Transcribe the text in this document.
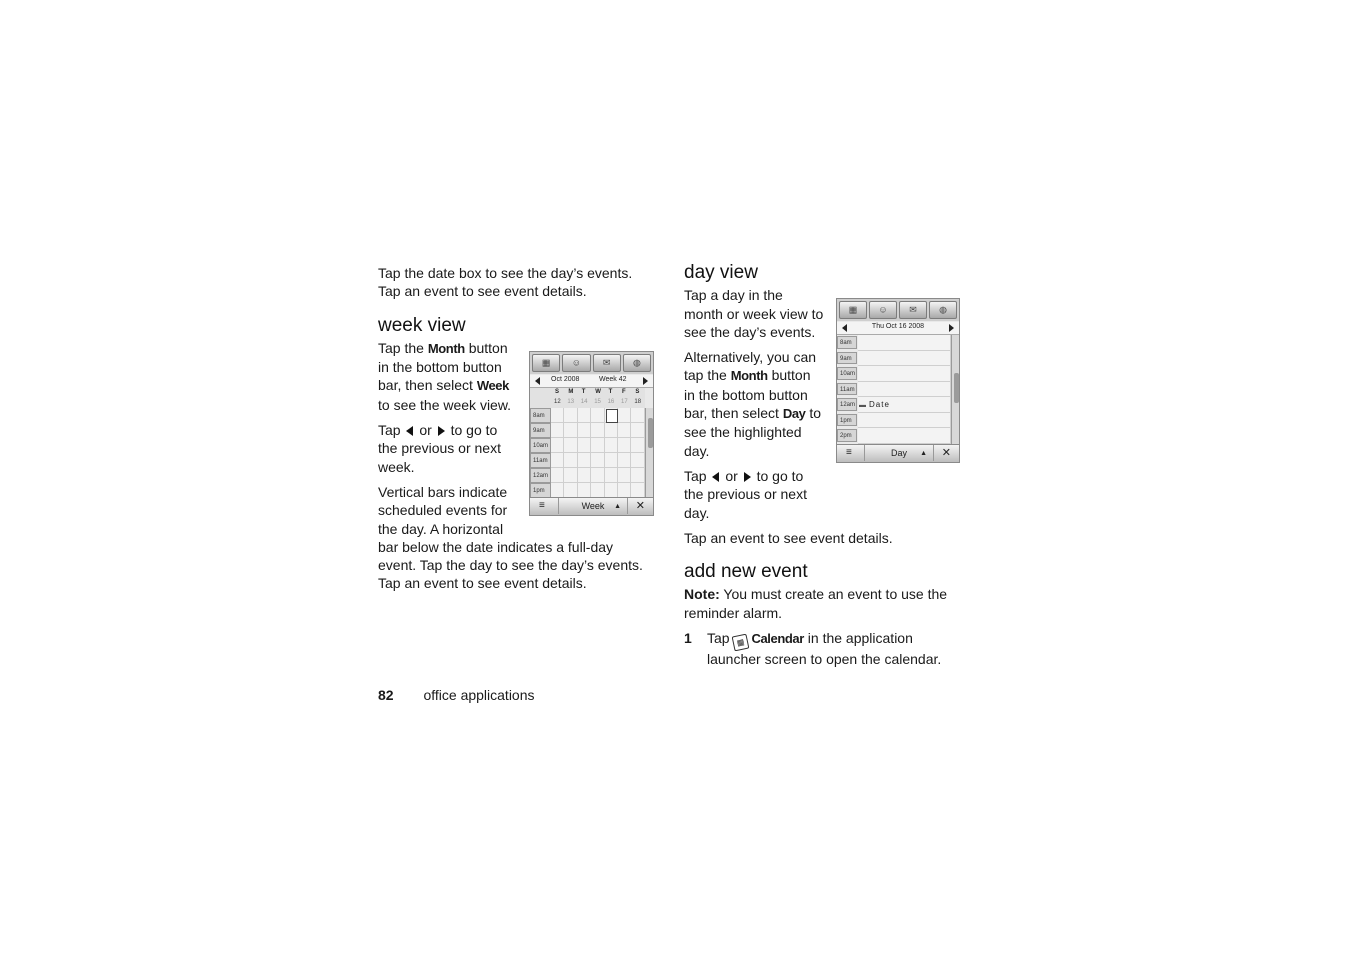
Tap the date box to see the day’s events. Tap an event to see event details.

week view

Tap the Month button in the bottom button bar, then select Week to see the week view.

Tap  or  to go to the previous or next week.

Vertical bars indicate scheduled events for the day. A horizontal bar below the date indicates a full-day event. Tap the day to see the day’s events. Tap an event to see event details.

▦ ☺ ✉	◍
Oct 2008	Week 42
S M T W T F S
12 13 14 15 16 17 18
8am
9am
10am
11am
12am
1pm
≡	Week ▲ ✕
day view

Tap a day in the month or week view to see the day’s events.

Alternatively, you can tap the Month button in the bottom button bar, then select Day to see the highlighted day.

Tap  or  to go to the previous or next day.

Tap an event to see event details.

add new event

Note: You must create an event to use the reminder alarm.

1 Tap ▦ Calendar in the application launcher screen to open the calendar.
▦ ☺ ✉ ◍
Thu Oct 16 2008
8am
9am
10am
11am
12am
1pm
2pm
▬ Date
≡	Day ▲ ✕
82 office applications
